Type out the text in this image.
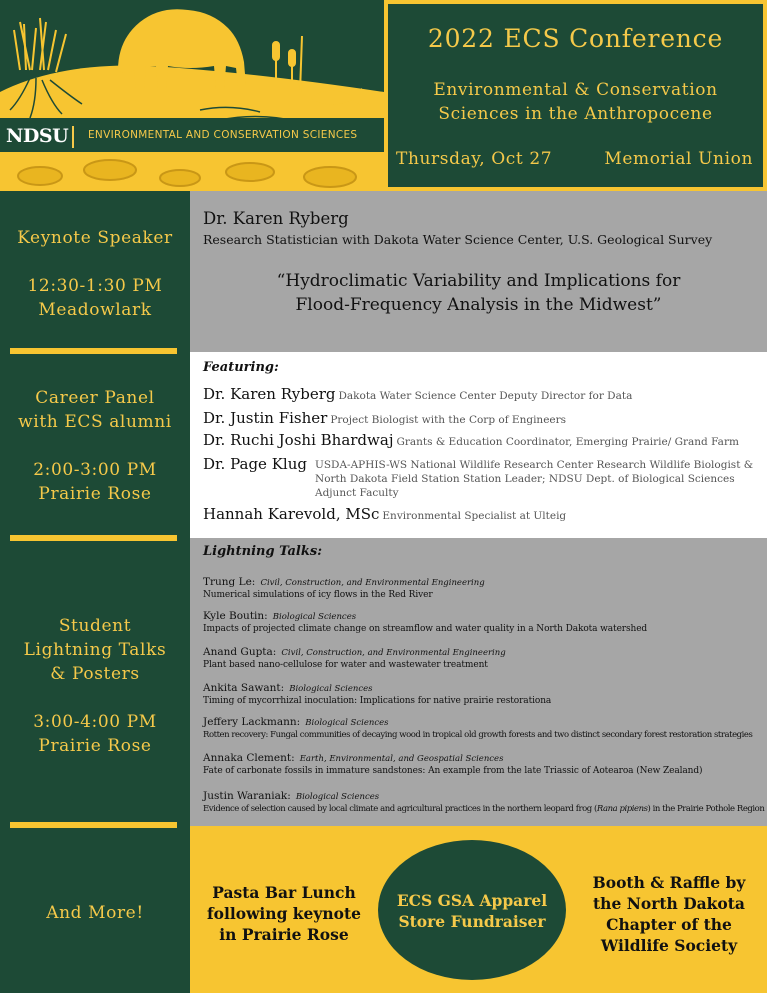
NDSU ENVIRONMENTAL AND CONSERVATION SCIENCES
2022 ECS Conference
Environmental & Conservation
Sciences in the Anthropocene
Thursday, Oct 27	Memorial Union
Keynote Speaker
12:30-1:30 PM
Meadowlark
Career Panel
with ECS alumni
2:00-3:00 PM
Prairie Rose
Student
Lightning Talks
& Posters
3:00-4:00 PM
Prairie Rose
And More!
Dr. Karen Ryberg
Research Statistician with Dakota Water Science Center, U.S. Geological Survey
“Hydroclimatic Variability and Implications for
Flood-Frequency Analysis in the Midwest”
Featuring:
Dr. Karen Ryberg Dakota Water Science Center Deputy Director for Data
Dr. Justin Fisher Project Biologist with the Corp of Engineers
Dr. Ruchi Joshi Bhardwaj Grants & Education Coordinator, Emerging Prairie/ Grand Farm
Dr. Page Klug USDA-APHIS-WS National Wildlife Research Center Research Wildlife Biologist &
North Dakota Field Station Station Leader; NDSU Dept. of Biological Sciences
Adjunct Faculty
Hannah Karevold, MSc Environmental Specialist at Ulteig
Lightning Talks:
Trung Le: Civil, Construction, and Environmental Engineering
Numerical simulations of icy flows in the Red River
Kyle Boutin: Biological Sciences
Impacts of projected climate change on streamflow and water quality in a North Dakota watershed
Anand Gupta: Civil, Construction, and Environmental Engineering
Plant based nano-cellulose for water and wastewater treatment
Ankita Sawant: Biological Sciences
Timing of mycorrhizal inoculation: Implications for native prairie restorationa
Jeffery Lackmann: Biological Sciences
Rotten recovery: Fungal communities of decaying wood in tropical old growth forests and two distinct secondary forest restoration strategies
Annaka Clement: Earth, Environmental, and Geospatial Sciences
Fate of carbonate fossils in immature sandstones: An example from the late Triassic of Aotearoa (New Zealand)
Justin Waraniak: Biological Sciences
Evidence of selection caused by local climate and agricultural practices in the northern leopard frog (Rana pipiens) in the Prairie Pothole Region
Pasta Bar Lunch
following keynote
in Prairie Rose
ECS GSA Apparel
Store Fundraiser
Booth & Raffle by
the North Dakota
Chapter of the
Wildlife Society
